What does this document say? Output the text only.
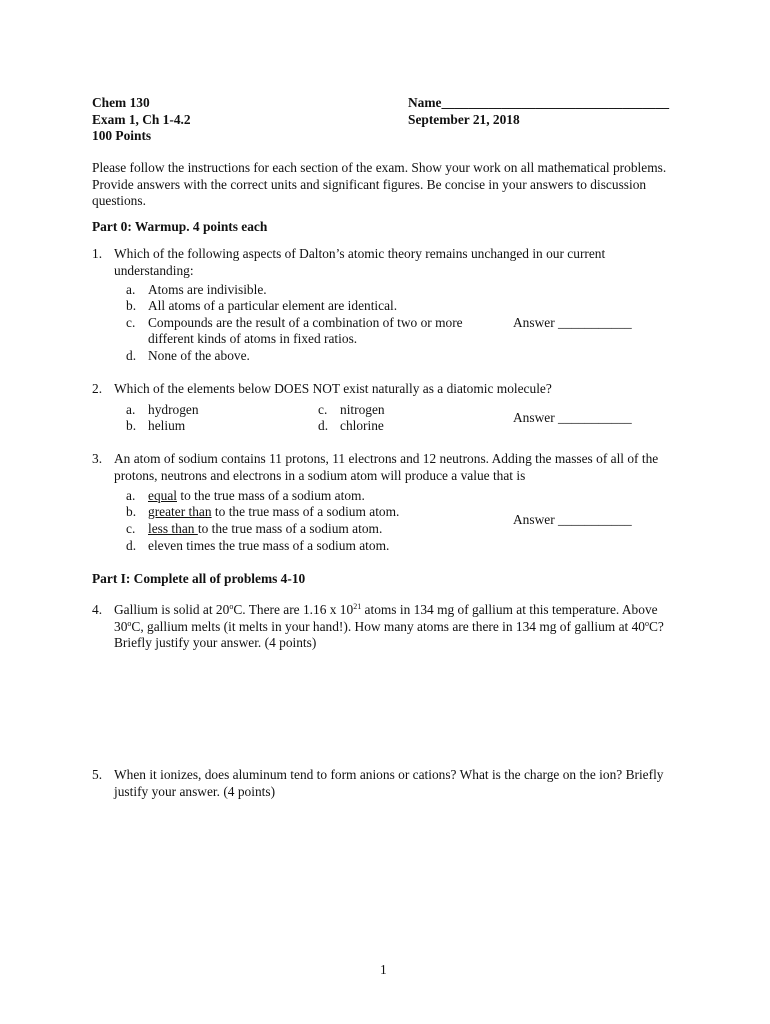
Chem 130
Exam 1, Ch 1-4.2
100 Points
Name__________________________________
September 21, 2018
Please follow the instructions for each section of the exam. Show your work on all mathematical problems. Provide answers with the correct units and significant figures. Be concise in your answers to discussion questions.
Part 0: Warmup. 4 points each
1. Which of the following aspects of Dalton’s atomic theory remains unchanged in our current understanding:
a. Atoms are indivisible.
b. All atoms of a particular element are identical.
c. Compounds are the result of a combination of two or more
different kinds of atoms in fixed ratios.
d. None of the above.
Answer ___________
2. Which of the elements below DOES NOT exist naturally as a diatomic molecule?
a. hydrogen
b. helium
c. nitrogen
d. chlorine
Answer ___________
3. An atom of sodium contains 11 protons, 11 electrons and 12 neutrons. Adding the masses of all of the protons, neutrons and electrons in a sodium atom will produce a value that is
a. equal to the true mass of a sodium atom.
b. greater than to the true mass of a sodium atom.
c. less than to the true mass of a sodium atom.
d. eleven times the true mass of a sodium atom.
Answer ___________
Part I: Complete all of problems 4-10
4. Gallium is solid at 20$^o$C. There are 1.16 x $10^{21}$ atoms in 134 mg of gallium at this temperature. Above 30$^o$C, gallium melts (it melts in your hand!). How many atoms are there in 134 mg of gallium at 40$^o$C? Briefly justify your answer. (4 points)
5. When it ionizes, does aluminum tend to form anions or cations? What is the charge on the ion? Briefly justify your answer. (4 points)
1
